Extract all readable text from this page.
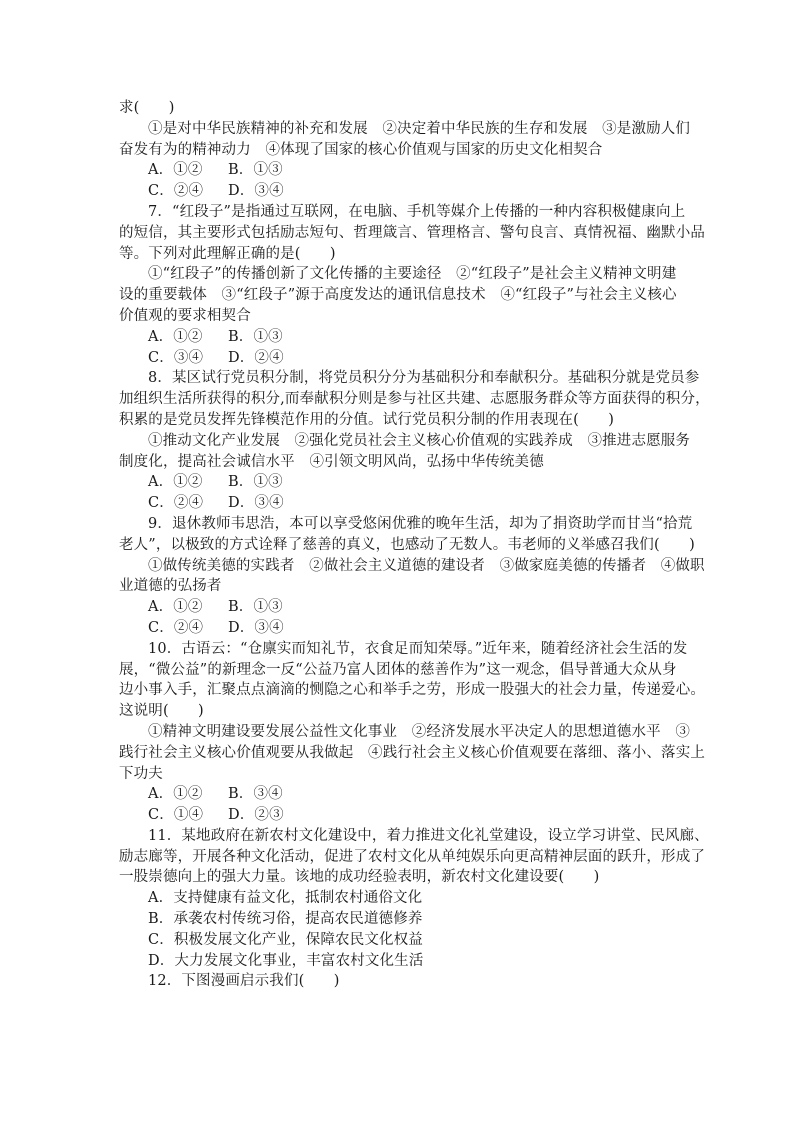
求(　　)
①是对中华民族精神的补充和发展　②决定着中华民族的生存和发展　③是激励人们
奋发有为的精神动力　④体现了国家的核心价值观与国家的历史文化相契合
A．①② B．①③
C．②④ D．③④
7．“红段子”是指通过互联网，在电脑、手机等媒介上传播的一种内容积极健康向上
的短信，其主要形式包括励志短句、哲理箴言、管理格言、警句良言、真情祝福、幽默小品
等。下列对此理解正确的是(　　)
①“红段子”的传播创新了文化传播的主要途径　②“红段子”是社会主义精神文明建
设的重要载体　③“红段子”源于高度发达的通讯信息技术　④“红段子”与社会主义核心
价值观的要求相契合
A．①② B．①③
C．③④ D．②④
8．某区试行党员积分制，将党员积分分为基础积分和奉献积分。基础积分就是党员参
加组织生活所获得的积分,而奉献积分则是参与社区共建、志愿服务群众等方面获得的积分，
积累的是党员发挥先锋模范作用的分值。试行党员积分制的作用表现在(　　)
①推动文化产业发展　②强化党员社会主义核心价值观的实践养成　③推进志愿服务
制度化，提高社会诚信水平　④引领文明风尚，弘扬中华传统美德
A．①② B．①③
C．②④ D．③④
9．退休教师韦思浩，本可以享受悠闲优雅的晚年生活，却为了捐资助学而甘当“拾荒
老人”，以极致的方式诠释了慈善的真义，也感动了无数人。韦老师的义举感召我们(　　)
①做传统美德的实践者　②做社会主义道德的建设者　③做家庭美德的传播者　④做职
业道德的弘扬者
A．①② B．①③
C．②④ D．③④
10．古语云：“仓廪实而知礼节，衣食足而知荣辱。”近年来，随着经济社会生活的发
展，“微公益”的新理念一反“公益乃富人团体的慈善作为”这一观念，倡导普通大众从身
边小事入手，汇聚点点滴滴的恻隐之心和举手之劳，形成一股强大的社会力量，传递爱心。
这说明(　　)
①精神文明建设要发展公益性文化事业　②经济发展水平决定人的思想道德水平　③
践行社会主义核心价值观要从我做起　④践行社会主义核心价值观要在落细、落小、落实上
下功夫
A．①② B．③④
C．①④ D．②③
11．某地政府在新农村文化建设中，着力推进文化礼堂建设，设立学习讲堂、民风廊、
励志廊等，开展各种文化活动，促进了农村文化从单纯娱乐向更高精神层面的跃升，形成了
一股崇德向上的强大力量。该地的成功经验表明，新农村文化建设要(　　)
A．支持健康有益文化，抵制农村通俗文化
B．承袭农村传统习俗，提高农民道德修养
C．积极发展文化产业，保障农民文化权益
D．大力发展文化事业，丰富农村文化生活
12．下图漫画启示我们(　　)
